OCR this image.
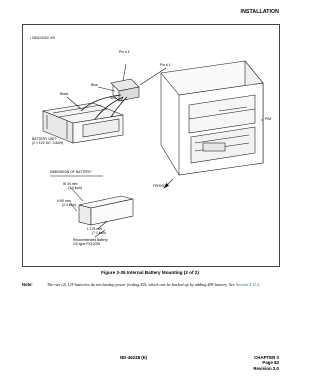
INSTALLATION
• NEAX1000 IVS
Pin # 4
Pin # 1
Blue
Black
Red
BATTERY UNIT
(2 × 12V DC, 3.8AH)
PIM
FRONT
DIMENSION OF BATTERY
W 34 mm
(1.3 inch)
H 60 mm
(2.4 inch)
L 178 mm
(7.1 inch)
Recommended Battery
GS type PX12026
Figure 3-35 Internal Battery Mounting (2 of 2)
Note:	The two (2) 12V batteries do not backup power feeding ZTs, which can be backed up by adding 48V battery. See Section 4.11.2.
ND-46248 (E)	CHAPTER 3
Page 83
Revision 2.0
